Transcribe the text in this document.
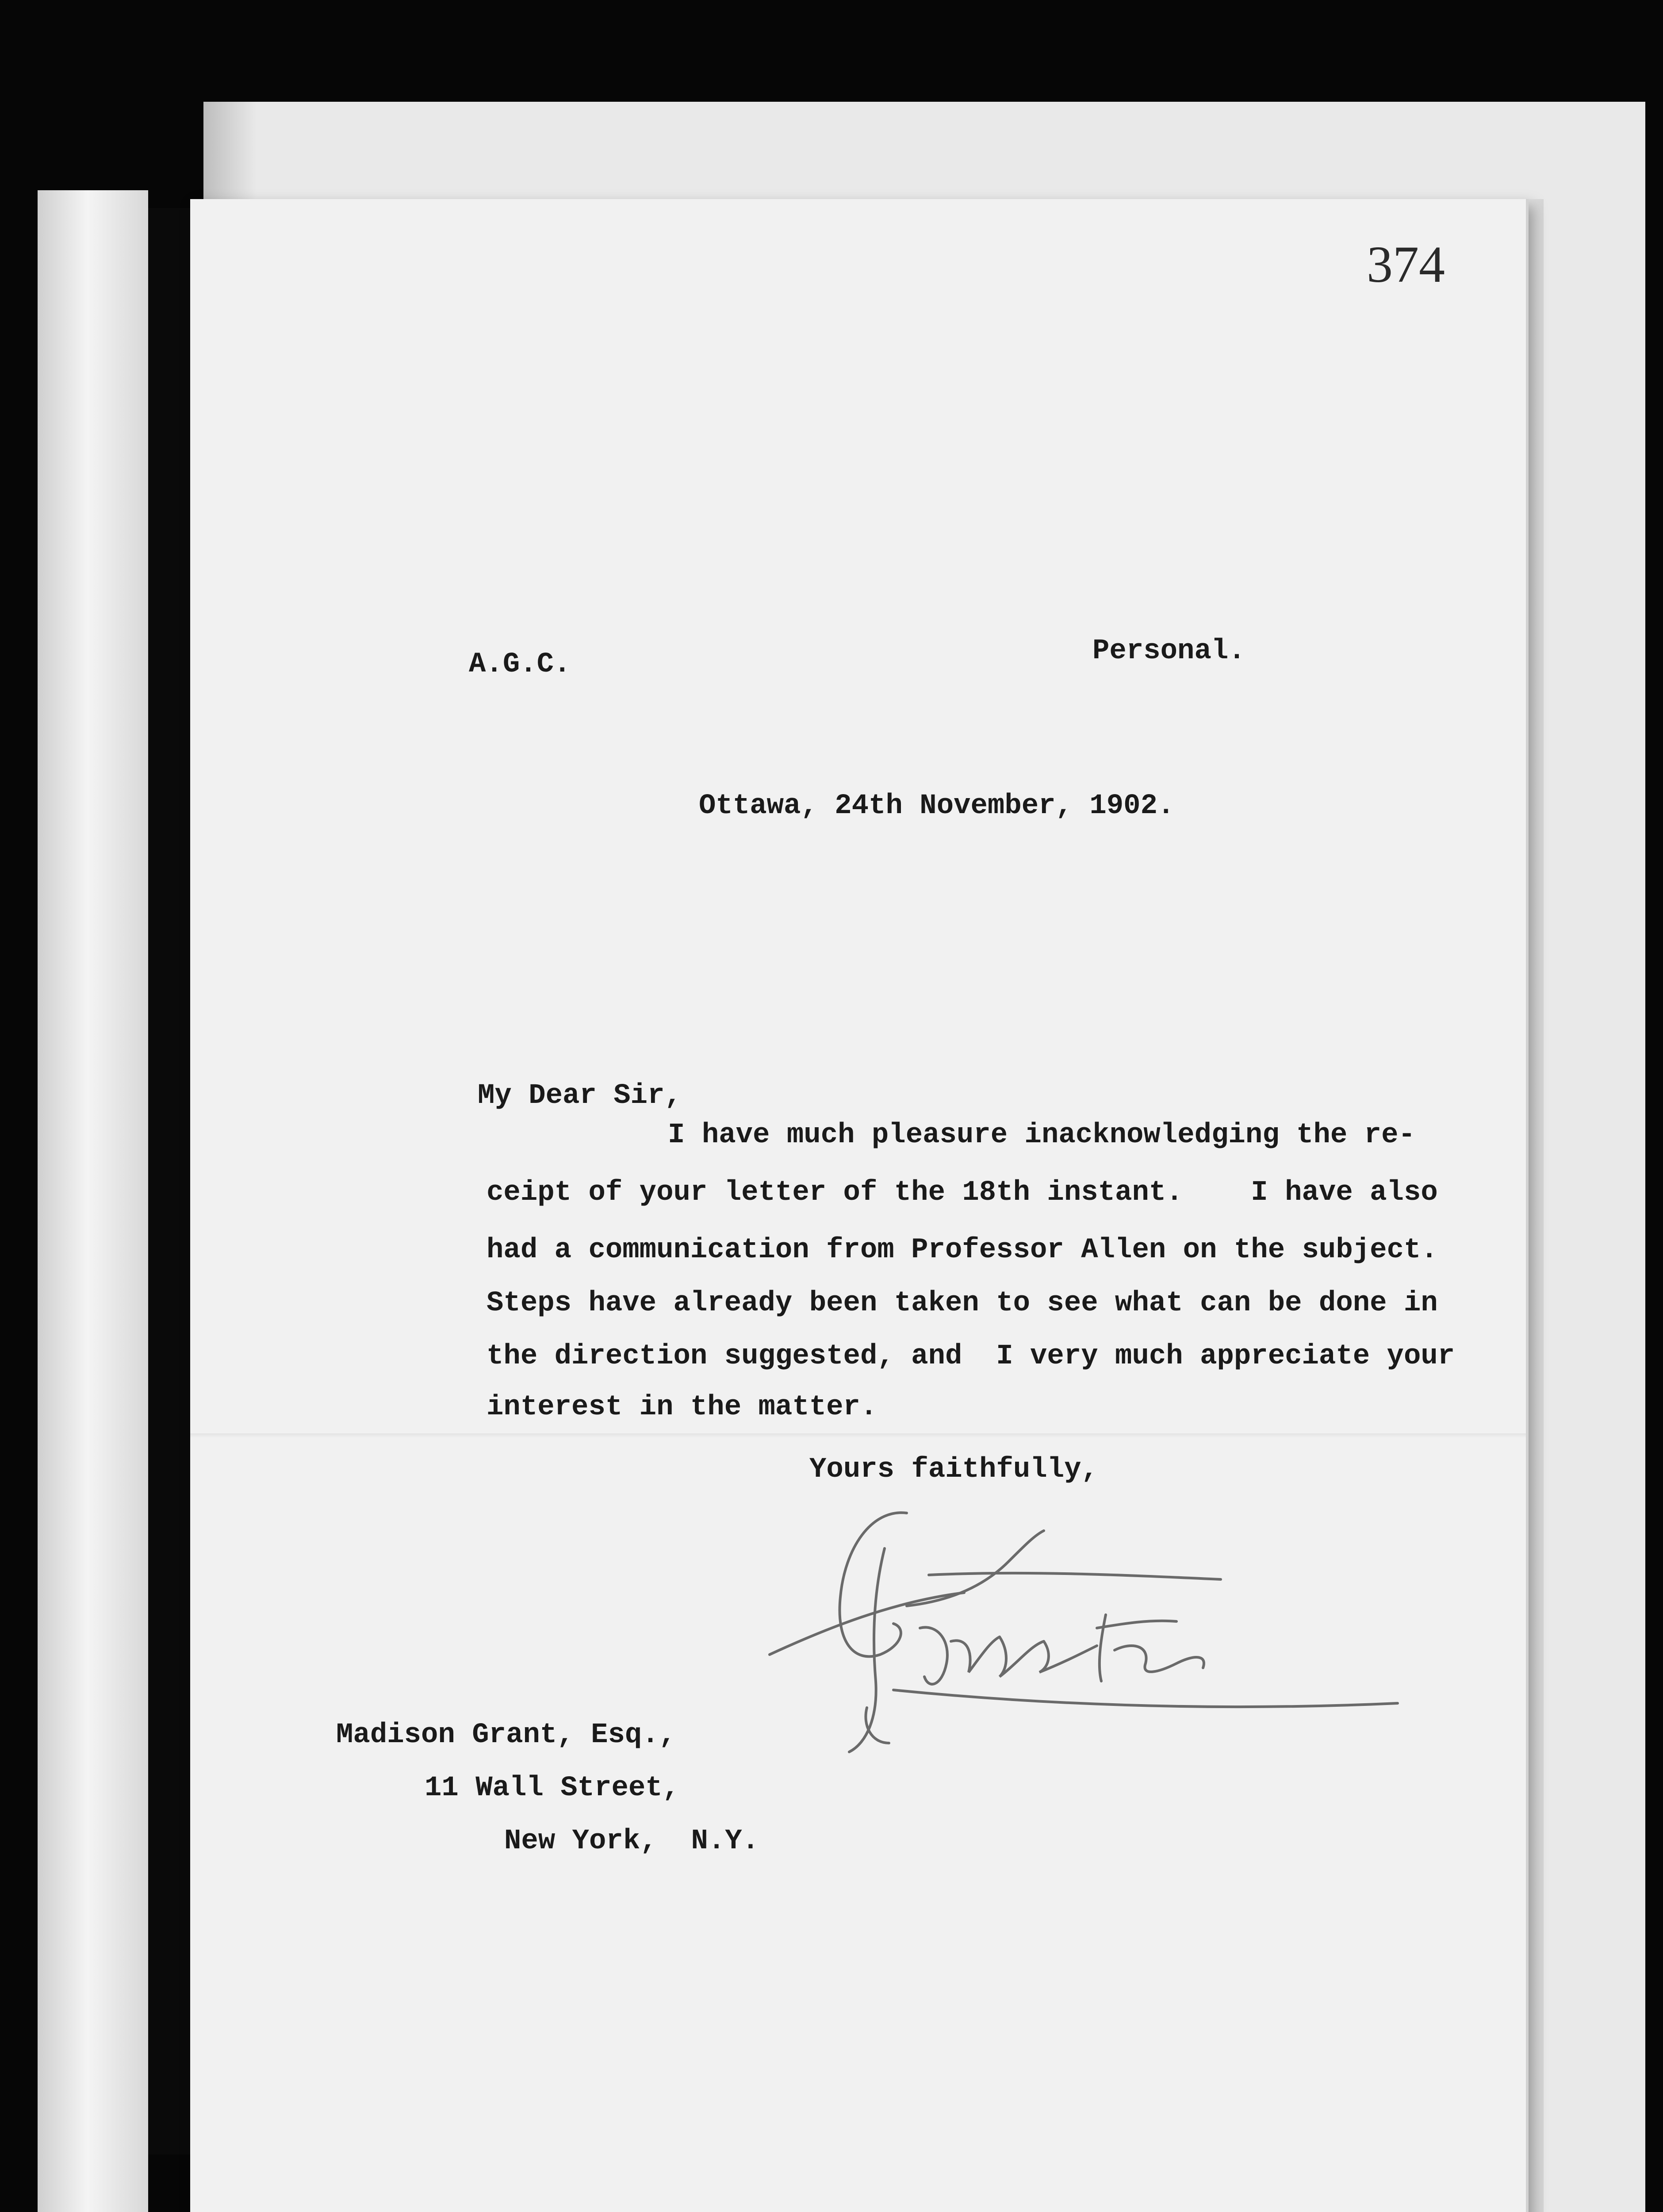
374
A.G.C.	Personal.
Ottawa, 24th November, 1902.
My Dear Sir,
I have much pleasure inacknowledging the re-
ceipt of your letter of the 18th instant.    I have also
had a communication from Professor Allen on the subject.
Steps have already been taken to see what can be done in
the direction suggested, and  I very much appreciate your
interest in the matter.
Yours faithfully,
Madison Grant, Esq.,
11 Wall Street,
New York,  N.Y.
